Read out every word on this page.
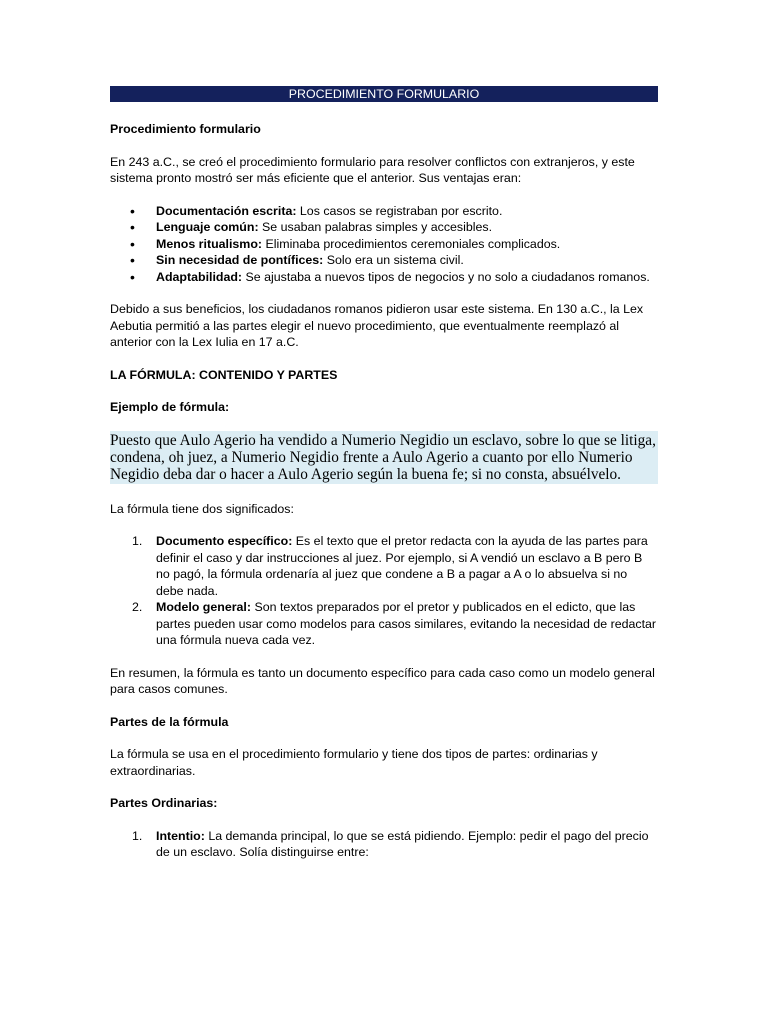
PROCEDIMIENTO FORMULARIO

Procedimiento formulario

En 243 a.C., se creó el procedimiento formulario para resolver conflictos con extranjeros, y este sistema pronto mostró ser más eficiente que el anterior. Sus ventajas eran:

• Documentación escrita: Los casos se registraban por escrito.
• Lenguaje común: Se usaban palabras simples y accesibles.
• Menos ritualismo: Eliminaba procedimientos ceremoniales complicados.
• Sin necesidad de pontífices: Solo era un sistema civil.
• Adaptabilidad: Se ajustaba a nuevos tipos de negocios y no solo a ciudadanos romanos.

Debido a sus beneficios, los ciudadanos romanos pidieron usar este sistema. En 130 a.C., la Lex Aebutia permitió a las partes elegir el nuevo procedimiento, que eventualmente reemplazó al anterior con la Lex Iulia en 17 a.C.

LA FÓRMULA: CONTENIDO Y PARTES

Ejemplo de fórmula:

Puesto que Aulo Agerio ha vendido a Numerio Negidio un esclavo, sobre lo que se litiga, condena, oh juez, a Numerio Negidio frente a Aulo Agerio a cuanto por ello Numerio Negidio deba dar o hacer a Aulo Agerio según la buena fe; si no consta, absuélvelo.

La fórmula tiene dos significados:

1. Documento específico: Es el texto que el pretor redacta con la ayuda de las partes para definir el caso y dar instrucciones al juez. Por ejemplo, si A vendió un esclavo a B pero B no pagó, la fórmula ordenaría al juez que condene a B a pagar a A o lo absuelva si no debe nada.
2. Modelo general: Son textos preparados por el pretor y publicados en el edicto, que las partes pueden usar como modelos para casos similares, evitando la necesidad de redactar una fórmula nueva cada vez.

En resumen, la fórmula es tanto un documento específico para cada caso como un modelo general para casos comunes.

Partes de la fórmula

La fórmula se usa en el procedimiento formulario y tiene dos tipos de partes: ordinarias y extraordinarias.

Partes Ordinarias:

1. Intentio: La demanda principal, lo que se está pidiendo. Ejemplo: pedir el pago del precio de un esclavo. Solía distinguirse entre:
